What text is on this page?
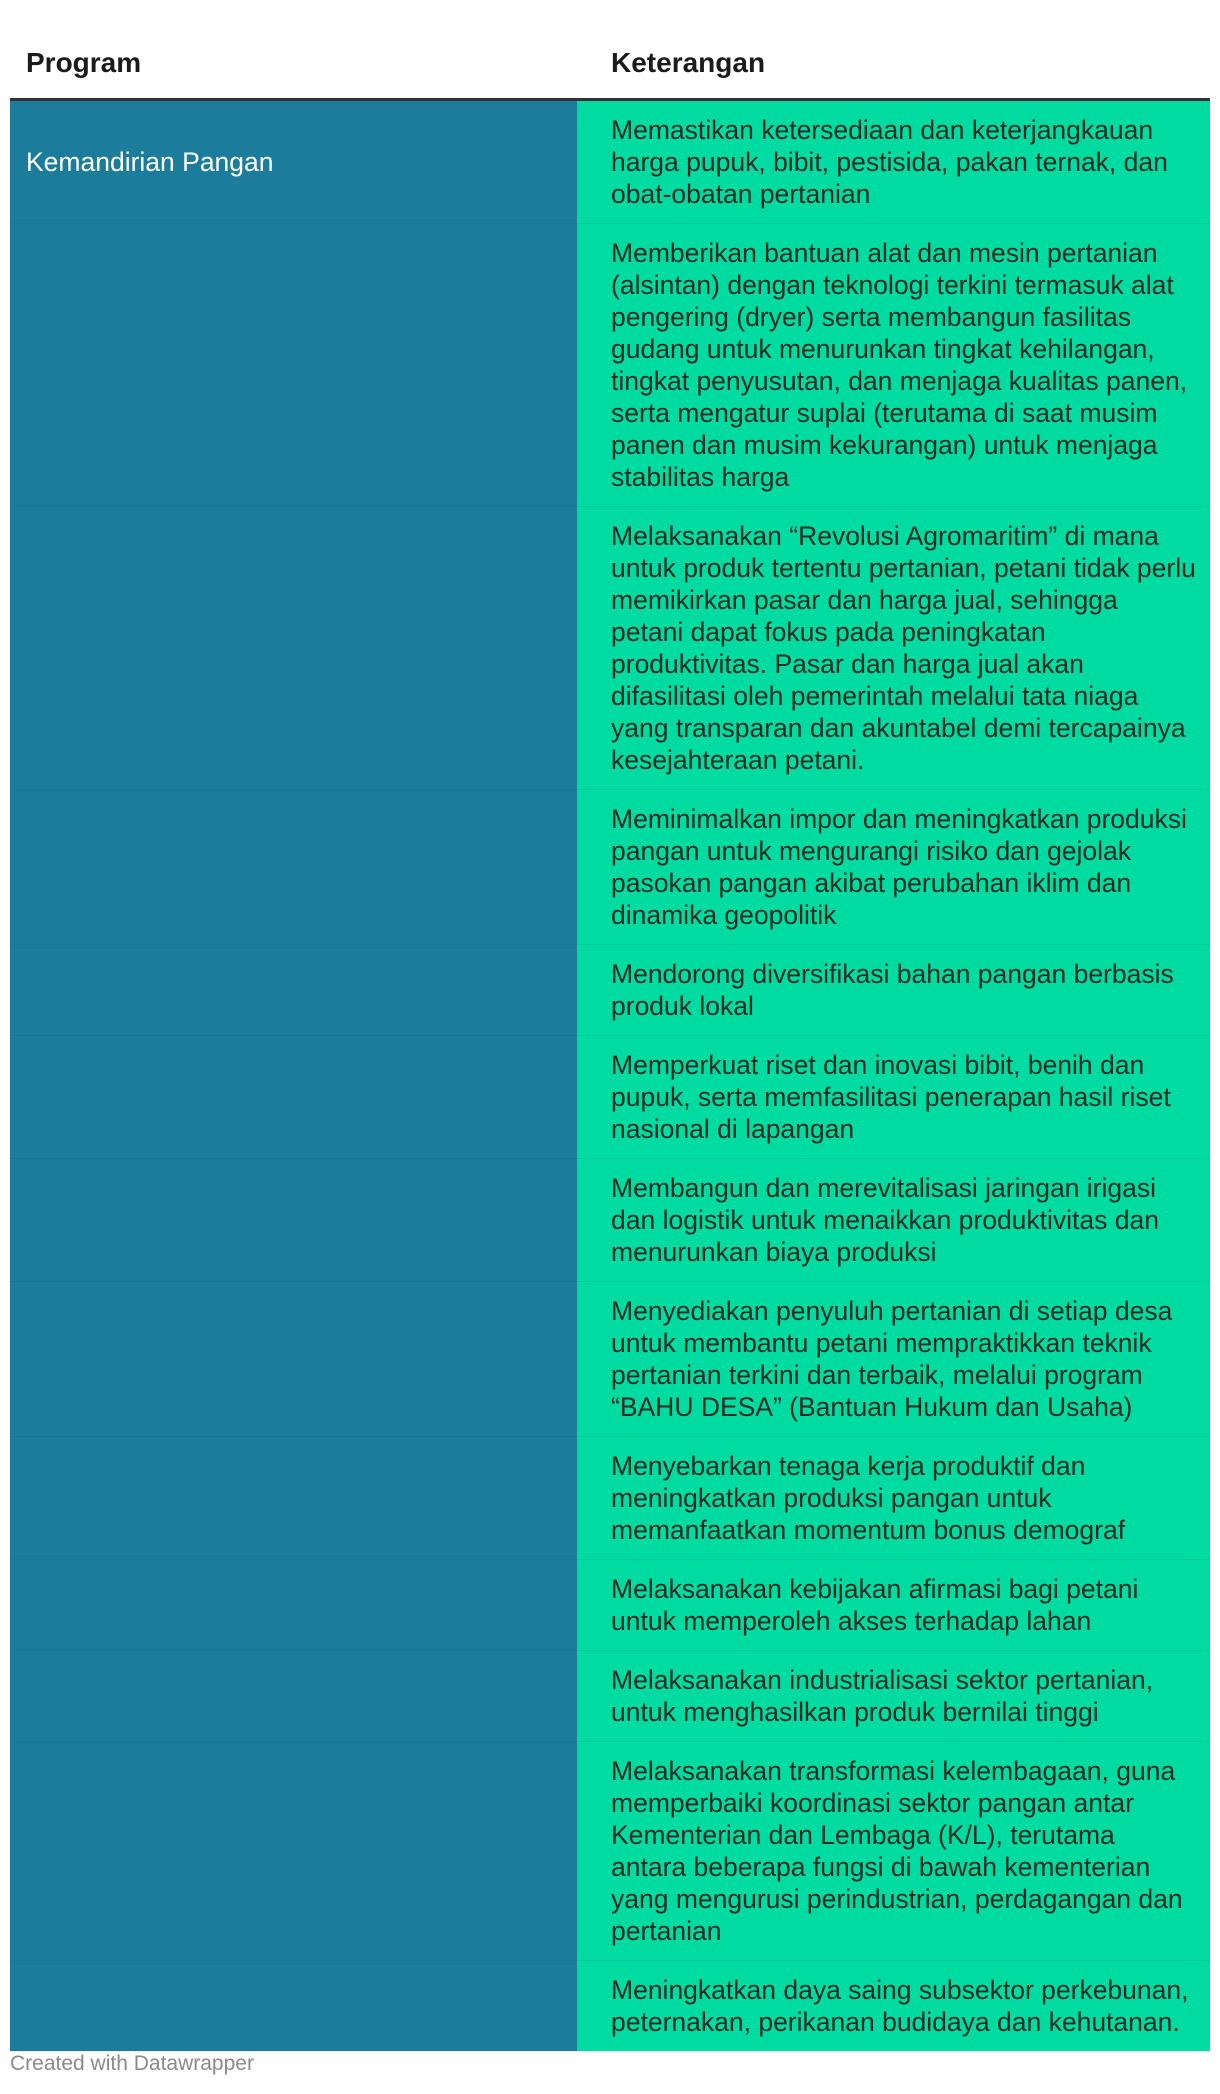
Program	Keterangan
Kemandirian Pangan	Memastikan ketersediaan dan keterjangkauan harga pupuk, bibit, pestisida, pakan ternak, dan obat-obatan pertanian
	Memberikan bantuan alat dan mesin pertanian (alsintan) dengan teknologi terkini termasuk alat pengering (dryer) serta membangun fasilitas gudang untuk menurunkan tingkat kehilangan, tingkat penyusutan, dan menjaga kualitas panen, serta mengatur suplai (terutama di saat musim panen dan musim kekurangan) untuk menjaga stabilitas harga
	Melaksanakan “Revolusi Agromaritim” di mana untuk produk tertentu pertanian, petani tidak perlu memikirkan pasar dan harga jual, sehingga petani dapat fokus pada peningkatan produktivitas. Pasar dan harga jual akan difasilitasi oleh pemerintah melalui tata niaga yang transparan dan akuntabel demi tercapainya kesejahteraan petani.
	Meminimalkan impor dan meningkatkan produksi pangan untuk mengurangi risiko dan gejolak pasokan pangan akibat perubahan iklim dan dinamika geopolitik
	Mendorong diversifikasi bahan pangan berbasis produk lokal
	Memperkuat riset dan inovasi bibit, benih dan pupuk, serta memfasilitasi penerapan hasil riset nasional di lapangan
	Membangun dan merevitalisasi jaringan irigasi dan logistik untuk menaikkan produktivitas dan menurunkan biaya produksi
	Menyediakan penyuluh pertanian di setiap desa untuk membantu petani mempraktikkan teknik pertanian terkini dan terbaik, melalui program “BAHU DESA” (Bantuan Hukum dan Usaha)
	Menyebarkan tenaga kerja produktif dan meningkatkan produksi pangan untuk memanfaatkan momentum bonus demograf
	Melaksanakan kebijakan afirmasi bagi petani untuk memperoleh akses terhadap lahan
	Melaksanakan industrialisasi sektor pertanian, untuk menghasilkan produk bernilai tinggi
	Melaksanakan transformasi kelembagaan, guna memperbaiki koordinasi sektor pangan antar Kementerian dan Lembaga (K/L), terutama antara beberapa fungsi di bawah kementerian yang mengurusi perindustrian, perdagangan dan pertanian
	Meningkatkan daya saing subsektor perkebunan, peternakan, perikanan budidaya dan kehutanan.
Created with Datawrapper
